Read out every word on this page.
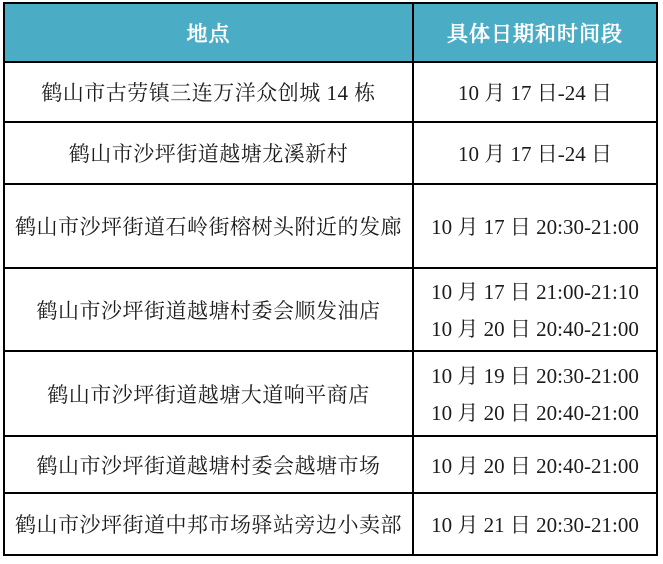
地点	具体日期和时间段
鹤山市古劳镇三连万洋众创城 14 栋	10 月 17 日-24 日

鹤山市沙坪街道越塘龙溪新村	10 月 17 日-24 日

鹤山市沙坪街道石岭街榕树头附近的发廊	10 月 17 日 20:30-21:00

鹤山市沙坪街道越塘村委会顺发油店	10 月 17 日 21:00-21:10
10 月 20 日 20:40-21:00

鹤山市沙坪街道越塘大道响平商店	10 月 19 日 20:30-21:00
10 月 20 日 20:40-21:00

鹤山市沙坪街道越塘村委会越塘市场	10 月 20 日 20:40-21:00

鹤山市沙坪街道中邦市场驿站旁边小卖部	10 月 21 日 20:30-21:00
